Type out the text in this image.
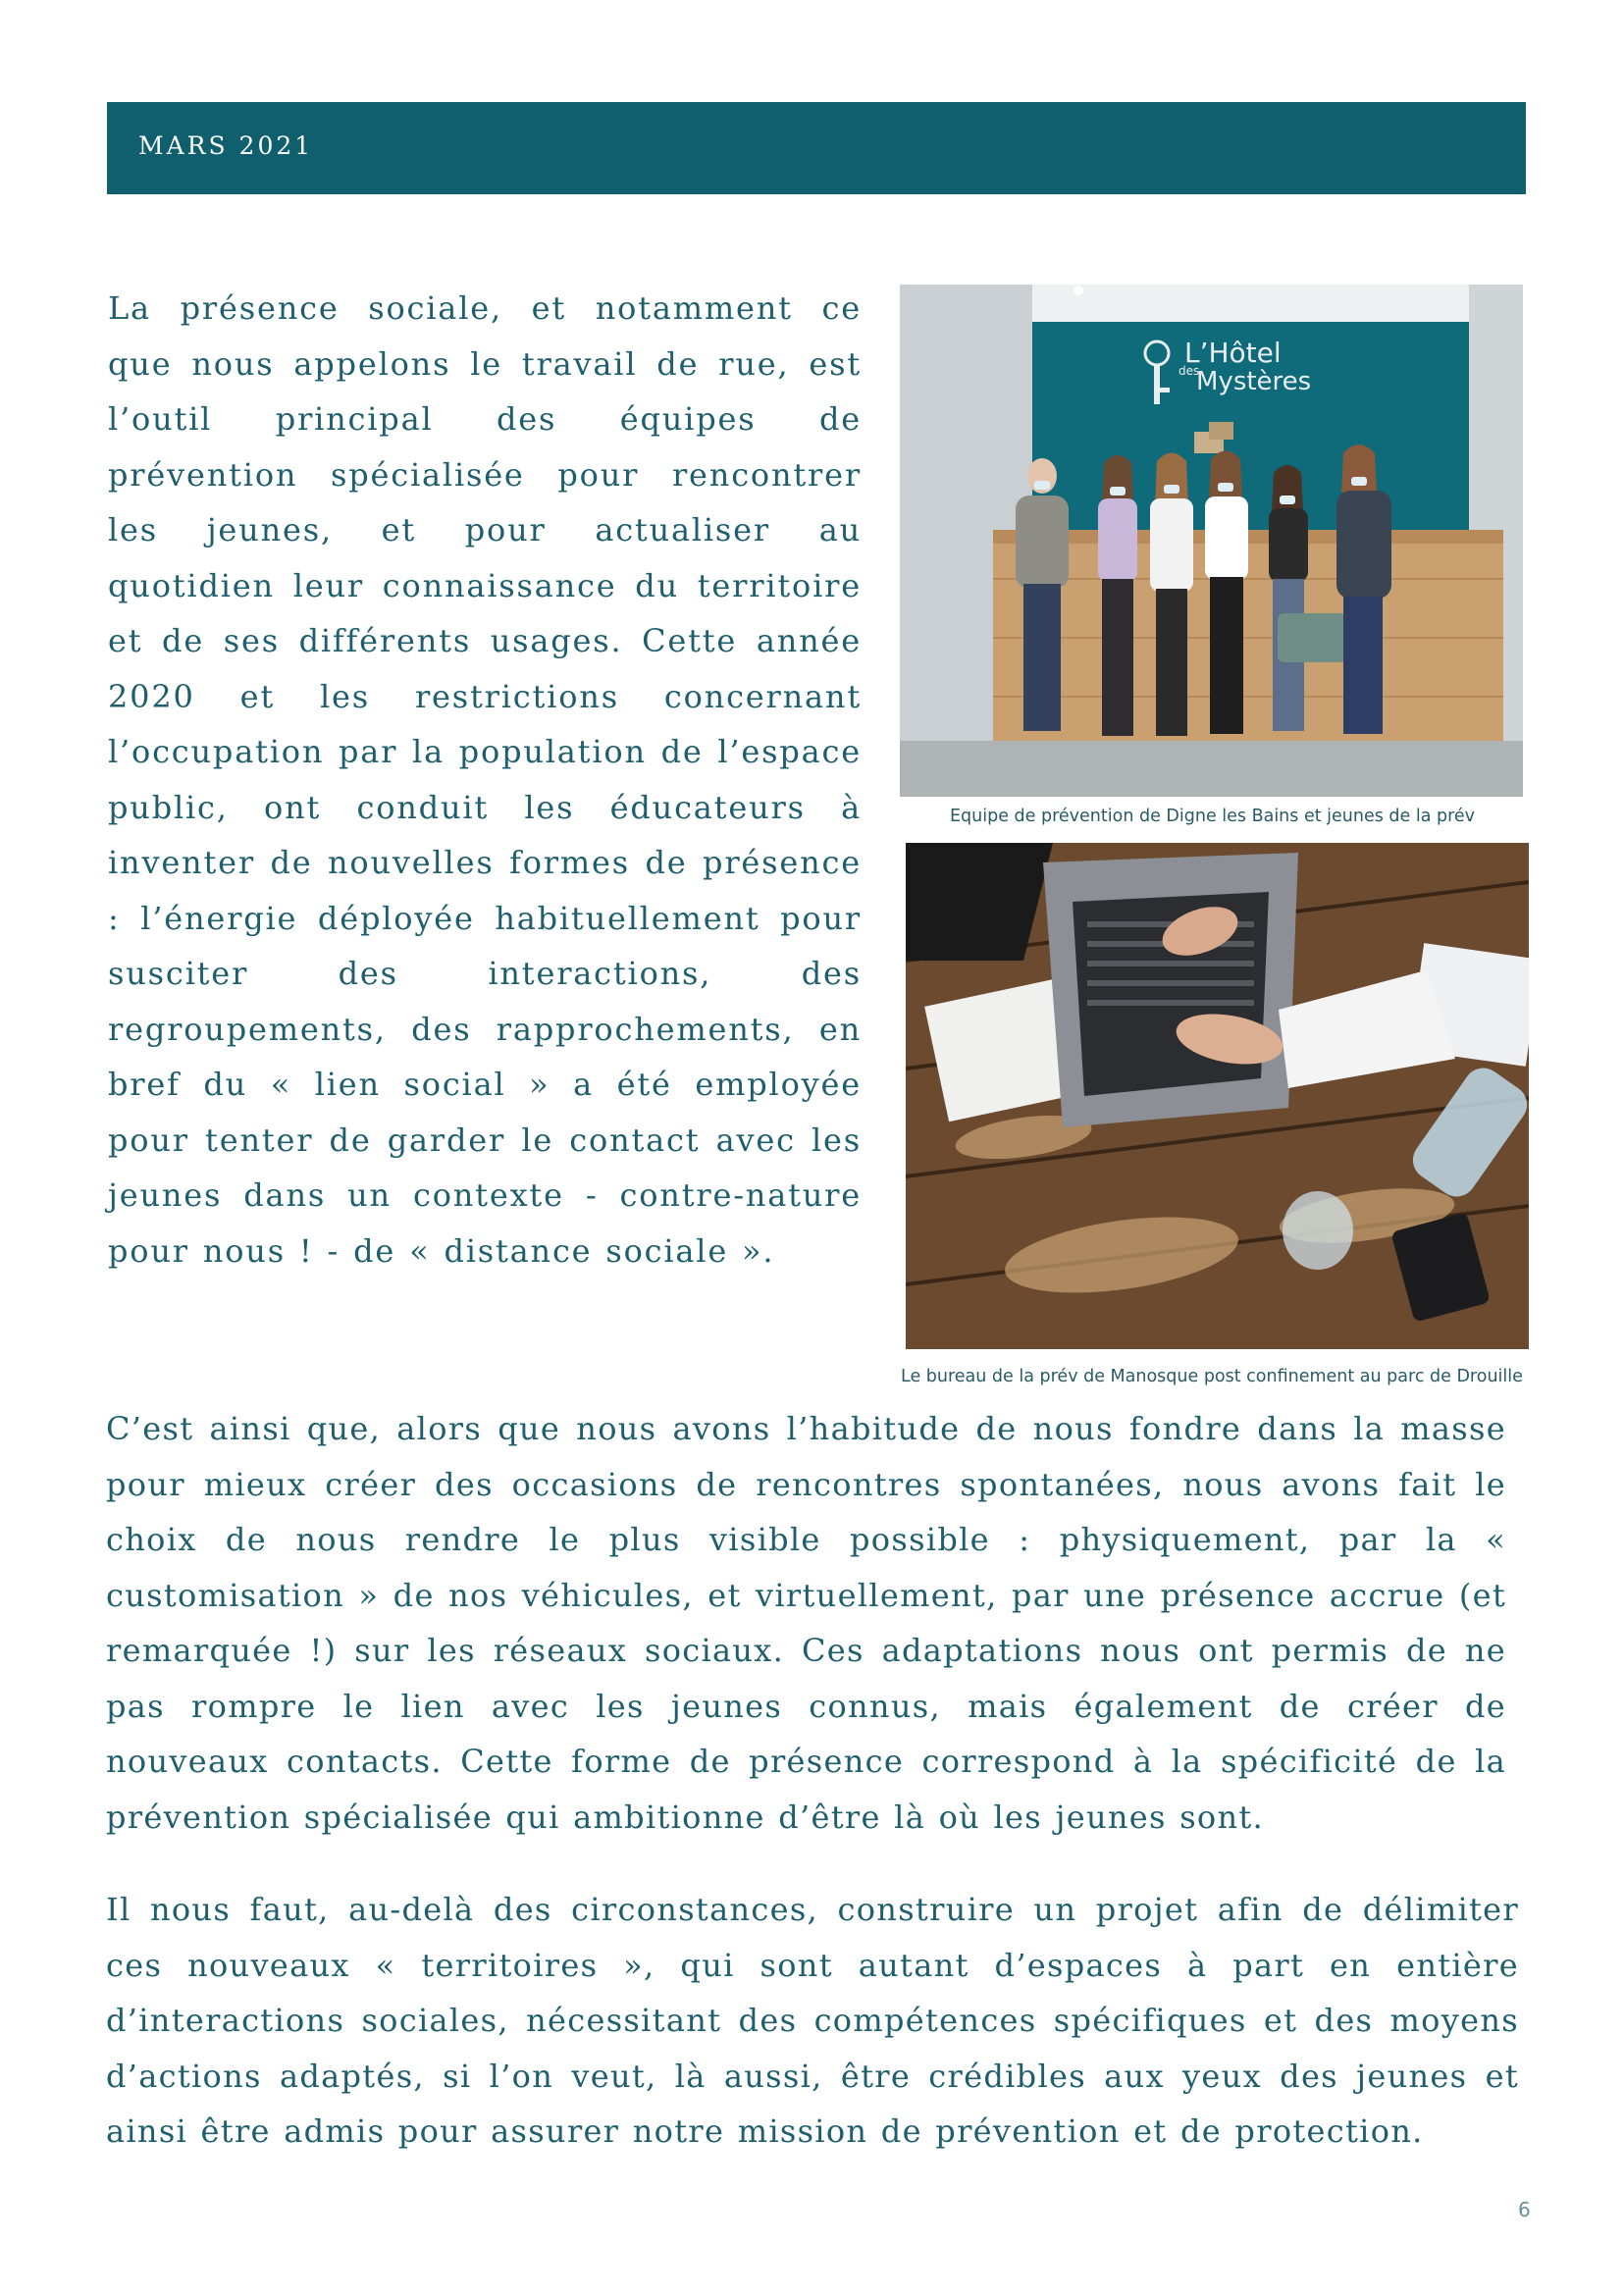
MARS 2021

La présence sociale, et notamment ce que nous appelons le travail de rue, est l’outil principal des équipes de prévention spécialisée pour rencontrer les jeunes, et pour actualiser au quotidien leur connaissance du territoire et de ses différents usages. Cette année 2020 et les restrictions concernant l’occupation par la population de l’espace public, ont conduit les éducateurs à inventer de nouvelles formes de présence : l’énergie déployée habituellement pour susciter des interactions, des regroupements, des rapprochements, en bref du « lien social » a été employée pour tenter de garder le contact avec les jeunes dans un contexte - contre-nature pour nous ! - de « distance sociale ».

L’Hôtel
des
Mystères
Equipe de prévention de Digne les Bains et jeunes de la prév
Le bureau de la prév de Manosque post confinement au parc de Drouille

C’est ainsi que, alors que nous avons l’habitude de nous fondre dans la masse pour mieux créer des occasions de rencontres spontanées, nous avons fait le choix de nous rendre le plus visible possible : physiquement, par la « customisation » de nos véhicules, et virtuellement, par une présence accrue (et remarquée !) sur les réseaux sociaux. Ces adaptations nous ont permis de ne pas rompre le lien avec les jeunes connus, mais également de créer de nouveaux contacts. Cette forme de présence correspond à la spécificité de la prévention spécialisée qui ambitionne d’être là où les jeunes sont.

Il nous faut, au-delà des circonstances, construire un projet afin de délimiter ces nouveaux « territoires », qui sont autant d’espaces à part en entière d’interactions sociales, nécessitant des compétences spécifiques et des moyens d’actions adaptés, si l’on veut, là aussi, être crédibles aux yeux des jeunes et ainsi être admis pour assurer notre mission de prévention et de protection.

6
